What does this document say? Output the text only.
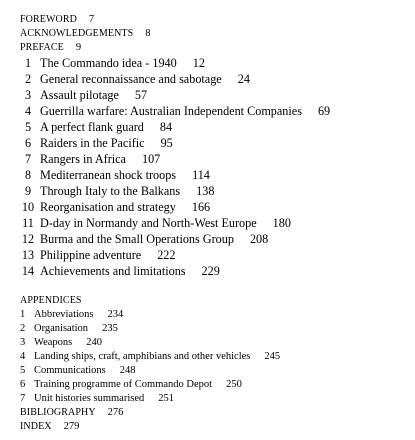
FOREWORD 7
ACKNOWLEDGEMENTS 8
PREFACE 9
1 The Commando idea - 1940 12
2 General reconnaissance and sabotage 24
3 Assault pilotage 57
4 Guerrilla warfare: Australian Independent Companies 69
5 A perfect flank guard 84
6 Raiders in the Pacific 95
7 Rangers in Africa 107
8 Mediterranean shock troops 114
9 Through Italy to the Balkans 138
10 Reorganisation and strategy 166
11 D-day in Normandy and North-West Europe 180
12 Burma and the Small Operations Group 208
13 Philippine adventure 222
14 Achievements and limitations 229
APPENDICES
1 Abbreviations 234
2 Organisation 235
3 Weapons 240
4 Landing ships, craft, amphibians and other vehicles 245
5 Communications 248
6 Training programme of Commando Depot 250
7 Unit histories summarised 251
BIBLIOGRAPHY 276
INDEX 279
